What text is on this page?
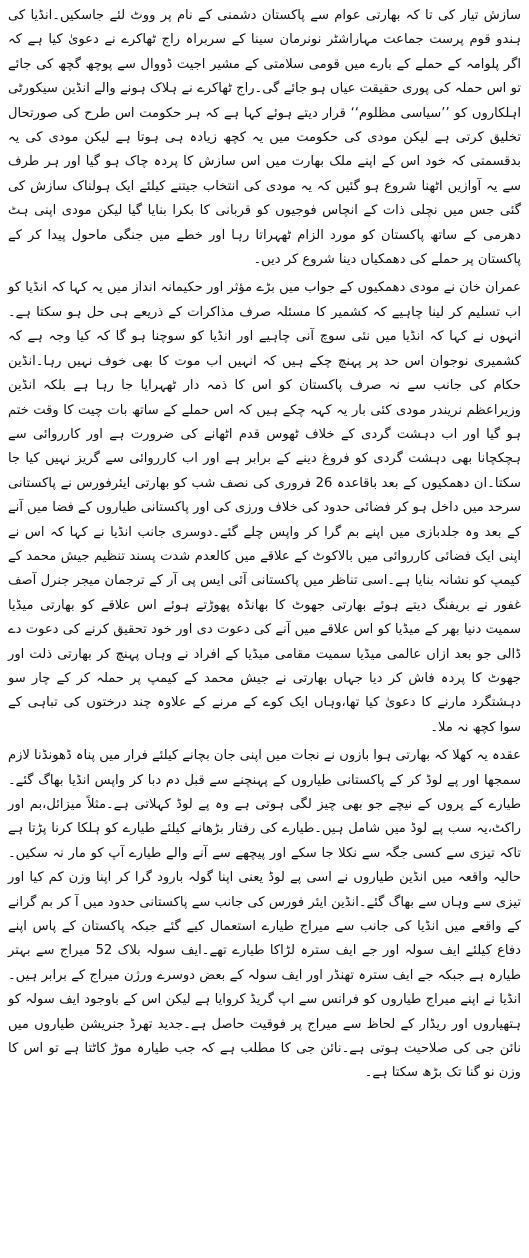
سازش تیار کی تا کہ بھارتی عوام سے پاکستان دشمنی کے نام پر ووٹ لئے جاسکیں۔انڈیا کی ہندو قوم پرست جماعت مہاراشٹر نونرمان سینا کے سربراہ راج ٹھاکرے نے دعویٰ کیا ہے کہ اگر پلوامہ کے حملے کے بارے میں قومی سلامتی کے مشیر اجیت ڈووال سے پوچھ گچھ کی جائے تو اس حملہ کی پوری حقیقت عیاں ہو جائے گی۔راج ٹھاکرے نے ہلاک ہونے والے انڈین سیکورٹی اہلکاروں کو ’’سیاسی مظلوم‘‘ قرار دیتے ہوئے کہا ہے کہ ہر حکومت اس طرح کی صورتحال تخلیق کرتی ہے لیکن مودی کی حکومت میں یہ کچھ زیادہ ہی ہوتا ہے لیکن مودی کی یہ بدقسمتی کہ خود اس کے اپنے ملک بھارت میں اس سازش کا پردہ چاک ہو گیا اور ہر طرف سے یہ آوازیں اٹھنا شروع ہو گئیں کہ یہ مودی کی انتخاب جیتنے کیلئے ایک ہولناک سازش کی گئی جس میں نچلی ذات کے انچاس فوجیوں کو قربانی کا بکرا بنایا گیا لیکن مودی اپنی ہٹ دھرمی کے ساتھ پاکستان کو مورد الزام ٹھہراتا رہا اور خطے میں جنگی ماحول پیدا کر کے پاکستان پر حملے کی دھمکیاں دینا شروع کر دیں۔

عمران خان نے مودی دھمکیوں کے جواب میں بڑے مؤثر اور حکیمانہ انداز میں یہ کہا کہ انڈیا کو اب تسلیم کر لینا چاہیے کہ کشمیر کا مسئلہ صرف مذاکرات کے ذریعے ہی حل ہو سکتا ہے۔انہوں نے کہا کہ انڈیا میں نئی سوچ آنی چاہیے اور انڈیا کو سوچنا ہو گا کہ کیا وجہ ہے کہ کشمیری نوجوان اس حد پر پہنچ چکے ہیں کہ انہیں اب موت کا بھی خوف نہیں رہا۔انڈین حکام کی جانب سے نہ صرف پاکستان کو اس کا ذمہ دار ٹھہرایا جا رہا ہے بلکہ انڈین وزیراعظم نریندر مودی کئی بار یہ کہہ چکے ہیں کہ اس حملے کے ساتھ بات چیت کا وقت ختم ہو گیا اور اب دہشت گردی کے خلاف ٹھوس قدم اٹھانے کی ضرورت ہے اور کارروائی سے ہچکچانا بھی دہشت گردی کو فروغ دینے کے برابر ہے اور اب کارروائی سے گریز نہیں کیا جا سکتا۔ان دھمکیوں کے بعد باقاعدہ 26 فروری کی نصف شب کو بھارتی ایئرفورس نے پاکستانی سرحد میں داخل ہو کر فضائی حدود کی خلاف ورزی کی اور پاکستانی طیاروں کے فضا میں آنے کے بعد وہ جلدبازی میں اپنے بم گرا کر واپس چلے گئے۔دوسری جانب انڈیا نے کہا کہ اس نے اپنی ایک فضائی کارروائی میں بالاکوٹ کے علاقے میں کالعدم شدت پسند تنظیم جیش محمد کے کیمپ کو نشانہ بنایا ہے۔اسی تناظر میں پاکستانی آئی ایس پی آر کے ترجمان میجر جنرل آصف غفور نے بریفنگ دیتے ہوئے بھارتی جھوٹ کا بھانڈہ پھوڑتے ہوئے اس علاقے کو بھارتی میڈیا سمیت دنیا بھر کے میڈیا کو اس علاقے میں آنے کی دعوت دی اور خود تحقیق کرنے کی دعوت دے ڈالی جو بعد ازاں عالمی میڈیا سمیت مقامی میڈیا کے افراد نے وہاں پہنچ کر بھارتی ذلت اور جھوٹ کا پردہ فاش کر دیا جہاں بھارتی نے جیش محمد کے کیمپ پر حملہ کر کے چار سو دہشتگرد مارنے کا دعویٰ کیا تھا،وہاں ایک کوے کے مرنے کے علاوہ چند درختوں کی تباہی کے سوا کچھ نہ ملا۔

عقدہ یہ کھلا کہ بھارتی ہوا بازوں نے نجات میں اپنی جان بچانے کیلئے فرار میں پناہ ڈھونڈنا لازم سمجھا اور پے لوڈ کر کے پاکستانی طیاروں کے پہنچنے سے قبل دم دبا کر واپس انڈیا بھاگ گئے۔طیارے کے پروں کے نیچے جو بھی چیز لگی ہوتی ہے وہ پے لوڈ کہلاتی ہے۔مثلاً میزائل،بم اور راکٹ،یہ سب پے لوڈ میں شامل ہیں۔طیارے کی رفتار بڑھانے کیلئے طیارے کو ہلکا کرنا پڑتا ہے تاکہ تیزی سے کسی جگہ سے نکلا جا سکے اور پیچھے سے آنے والے طیارے آپ کو مار نہ سکیں۔حالیہ واقعہ میں انڈین طیاروں نے اسی پے لوڈ یعنی اپنا گولہ بارود گرا کر اپنا وزن کم کیا اور تیزی سے وہاں سے بھاگ گئے۔انڈین ایئر فورس کی جانب سے پاکستانی حدود میں آ کر بم گرانے کے واقعے میں انڈیا کی جانب سے میراج طیارے استعمال کیے گئے جبکہ پاکستان کے پاس اپنے دفاع کیلئے ایف سولہ اور جے ایف سترہ لڑاکا طیارے تھے۔ایف سولہ بلاک 52 میراج سے بہتر طیارہ ہے جبکہ جے ایف سترہ تھنڈر اور ایف سولہ کے بعض دوسرے ورژن میراج کے برابر ہیں۔انڈیا نے اپنے میراج طیاروں کو فرانس سے اپ گریڈ کروایا ہے لیکن اس کے باوجود ایف سولہ کو ہتھیاروں اور ریڈار کے لحاظ سے میراج پر فوقیت حاصل ہے۔جدید تھرڈ جنریشن طیاروں میں نائن جی کی صلاحیت ہوتی ہے۔نائن جی کا مطلب ہے کہ جب طیارہ موڑ کاٹتا ہے تو اس کا وزن نو گنا تک بڑھ سکتا ہے۔
